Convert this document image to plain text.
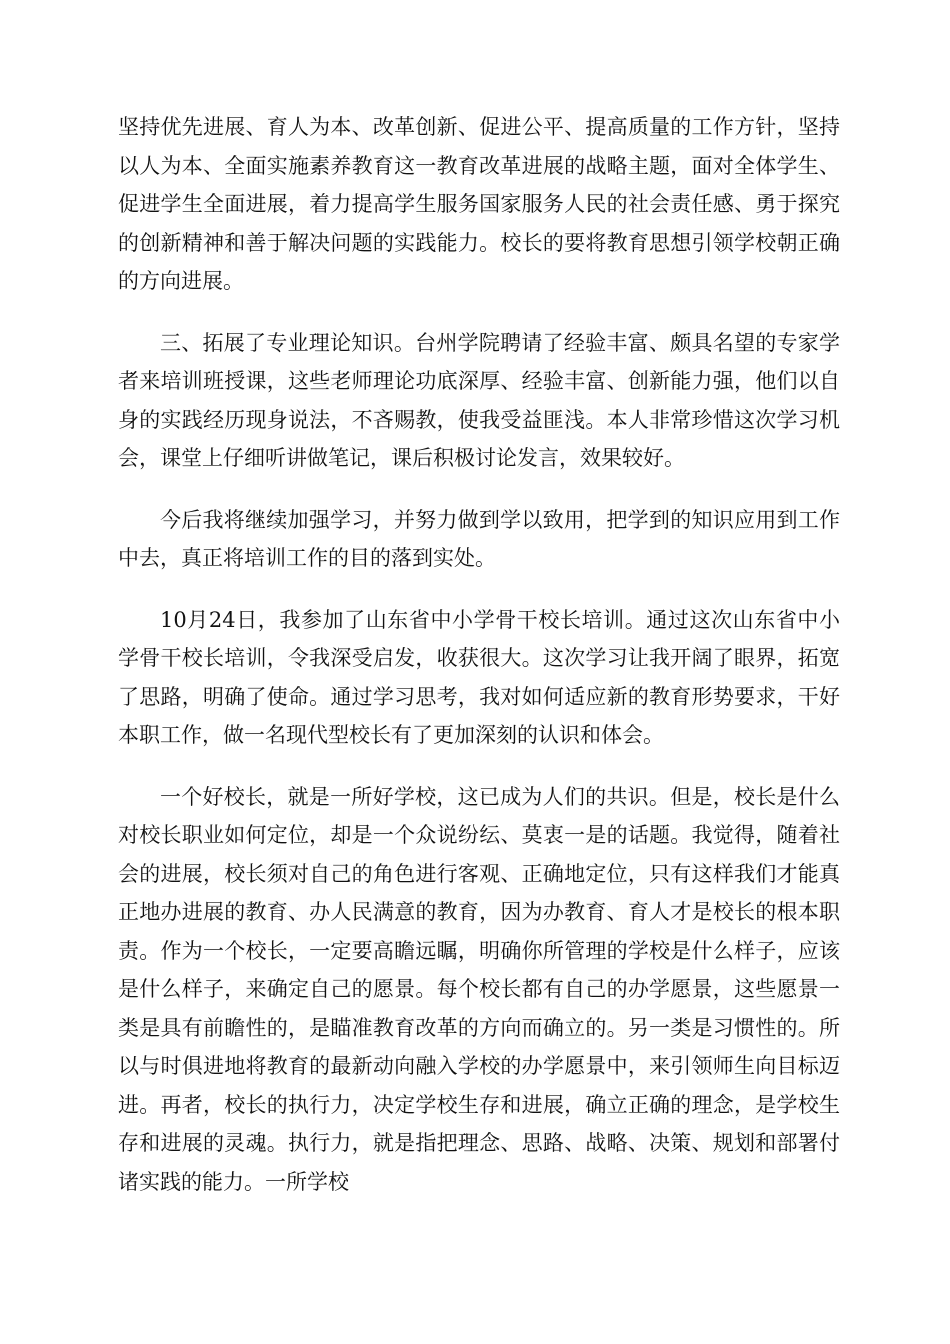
坚持优先进展、育人为本、改革创新、促进公平、提高质量的工作方针，坚持以人为本、全面实施素养教育这一教育改革进展的战略主题，面对全体学生、促进学生全面进展，着力提高学生服务国家服务人民的社会责任感、勇于探究的创新精神和善于解决问题的实践能力。校长的要将教育思想引领学校朝正确的方向进展。

三、拓展了专业理论知识。台州学院聘请了经验丰富、颇具名望的专家学者来培训班授课，这些老师理论功底深厚、经验丰富、创新能力强，他们以自身的实践经历现身说法，不吝赐教，使我受益匪浅。本人非常珍惜这次学习机会，课堂上仔细听讲做笔记，课后积极讨论发言，效果较好。

今后我将继续加强学习，并努力做到学以致用，把学到的知识应用到工作中去，真正将培训工作的目的落到实处。

10月24日，我参加了山东省中小学骨干校长培训。通过这次山东省中小学骨干校长培训，令我深受启发，收获很大。这次学习让我开阔了眼界，拓宽了思路，明确了使命。通过学习思考，我对如何适应新的教育形势要求，干好本职工作，做一名现代型校长有了更加深刻的认识和体会。

一个好校长，就是一所好学校，这已成为人们的共识。但是，校长是什么对校长职业如何定位，却是一个众说纷纭、莫衷一是的话题。我觉得，随着社会的进展，校长须对自己的角色进行客观、正确地定位，只有这样我们才能真正地办进展的教育、办人民满意的教育，因为办教育、育人才是校长的根本职责。作为一个校长，一定要高瞻远瞩，明确你所管理的学校是什么样子，应该是什么样子，来确定自己的愿景。每个校长都有自己的办学愿景，这些愿景一类是具有前瞻性的，是瞄准教育改革的方向而确立的。另一类是习惯性的。所以与时俱进地将教育的最新动向融入学校的办学愿景中，来引领师生向目标迈进。再者，校长的执行力，决定学校生存和进展，确立正确的理念，是学校生存和进展的灵魂。执行力，就是指把理念、思路、战略、决策、规划和部署付诸实践的能力。一所学校
